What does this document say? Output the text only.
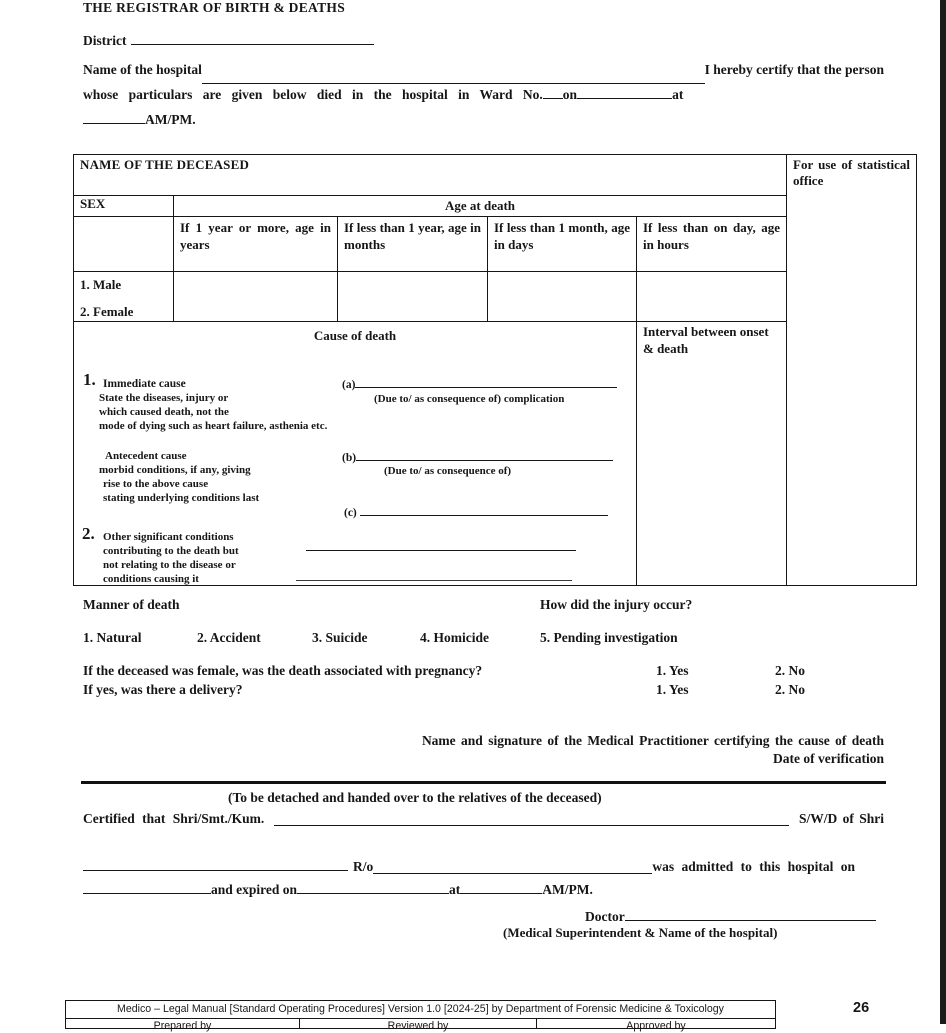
THE REGISTRAR OF BIRTH & DEATHS
District
Name of the hospital	I hereby certify that the person
whose particulars are given below died in the hospital in Ward No. on	at
AM/PM.
NAME OF THE DECEASED					For use of statistical office
SEX	Age at death				
	If 1 year or more, age in years	If less than 1 year, age in months	If less than 1 month, age in days	If less than on day, age in hours	

1. Male
2. Female					

Cause of death
1. Immediate cause
State the diseases, injury or
which caused death, not the
mode of dying such as heart failure, asthenia etc.
(a)
(Due to/ as consequence of) complication
Antecedent cause
morbid conditions, if any, giving
rise to the above cause
stating underlying conditions last
(b)
(Due to/ as consequence of)
(c)
2. Other significant conditions
contributing to the death but
not relating to the disease or
conditions causing it
	Interval between onset & death
Manner of death	How did the injury occur?
1. Natural	2. Accident	3. Suicide	4. Homicide	5. Pending investigation
If the deceased was female, was the death associated with pregnancy?	1. Yes	2. No
If yes, was there a delivery?	1. Yes	2. No
Name and signature of the Medical Practitioner certifying the cause of death
Date of verification
(To be detached and handed over to the relatives of the deceased)
Certified that Shri/Smt./Kum.	S/W/D of Shri
R/o	was admitted to this hospital on
and expired on	at	AM/PM.
Doctor
(Medical Superintendent & Name of the hospital)
Medico – Legal Manual [Standard Operating Procedures] Version 1.0 [2024-25] by Department of Forensic Medicine & Toxicology	26
Prepared by	Reviewed by	Approved by
